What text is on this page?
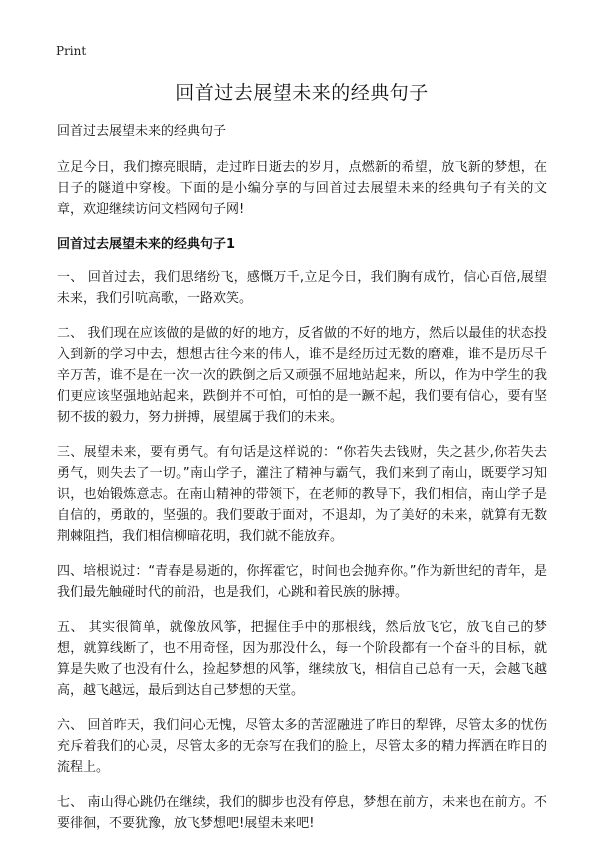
Print
回首过去展望未来的经典句子
回首过去展望未来的经典句子

立足今日，我们擦亮眼睛，走过昨日逝去的岁月，点燃新的希望，放飞新的梦想，在日子的隧道中穿梭。下面的是小编分享的与回首过去展望未来的经典句子有关的文章，欢迎继续访问文档网句子网!

回首过去展望未来的经典句子1

一、 回首过去，我们思绪纷飞，感慨万千,立足今日，我们胸有成竹，信心百倍,展望未来，我们引吭高歌，一路欢笑。

二、 我们现在应该做的是做的好的地方，反省做的不好的地方，然后以最佳的状态投入到新的学习中去，想想古往今来的伟人，谁不是经历过无数的磨难，谁不是历尽千辛万苦，谁不是在一次一次的跌倒之后又顽强不屈地站起来，所以，作为中学生的我们更应该坚强地站起来，跌倒并不可怕，可怕的是一蹶不起，我们要有信心，要有坚韧不拔的毅力，努力拼搏，展望属于我们的未来。

三、展望未来，要有勇气。有句话是这样说的：“你若失去钱财，失之甚少,你若失去勇气，则失去了一切。”南山学子，灌注了精神与霸气，我们来到了南山，既要学习知识，也始锻炼意志。在南山精神的带领下，在老师的教导下，我们相信，南山学子是自信的，勇敢的，坚强的。我们要敢于面对，不退却，为了美好的未来，就算有无数荆棘阻挡，我们相信柳暗花明，我们就不能放弃。

四、培根说过：“青春是易逝的，你挥霍它，时间也会抛弃你。”作为新世纪的青年，是我们最先触碰时代的前沿，也是我们，心跳和着民族的脉搏。

五、 其实很简单，就像放风筝，把握住手中的那根线，然后放飞它，放飞自己的梦想，就算线断了，也不用奇怪，因为那没什么，每一个阶段都有一个奋斗的目标，就算是失败了也没有什么，捡起梦想的风筝，继续放飞，相信自己总有一天，会越飞越高，越飞越远，最后到达自己梦想的天堂。

六、 回首昨天，我们问心无愧，尽管太多的苦涩融进了昨日的犁铧，尽管太多的忧伤充斥着我们的心灵，尽管太多的无奈写在我们的脸上，尽管太多的精力挥洒在昨日的流程上。

七、 南山得心跳仍在继续，我们的脚步也没有停息，梦想在前方，未来也在前方。不要徘徊，不要犹豫，放飞梦想吧!展望未来吧!
